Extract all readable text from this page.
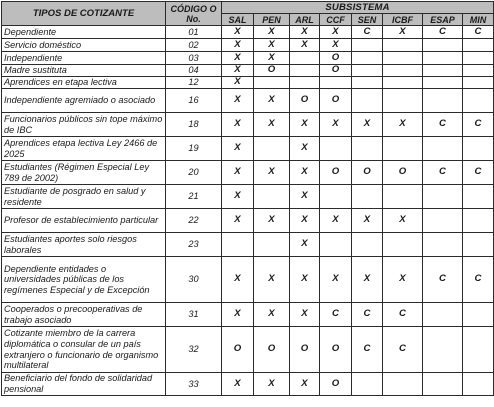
TIPOS DE COTIZANTE	CÓDIGO O
No.	SUBSISTEMA							
		SAL	PEN	ARL	CCF	SEN	ICBF	ESAP	MIN
Dependiente	01	X	X	X	X	C	X	C	C
Servicio doméstico	02	X	X	X	X				
Independiente	03	X	X		O				
Madre sustituta	04	X	O		O				
Aprendices en etapa lectiva	12	X							
Independiente agremiado o asociado	16	X	X	O	O				
Funcionarios públicos sin tope máximo de IBC	18	X	X	X	X	X	X	C	C
Aprendices etapa lectiva Ley 2466 de 2025	19	X		X					
Estudiantes (Régimen Especial Ley 789 de 2002)	20	X	X	X	O	O	O	C	C
Estudiante de posgrado en salud y residente	21	X		X					
Profesor de establecimiento particular	22	X	X	X	X	X	X		
Estudiantes aportes solo riesgos laborales	23			X					
Dependiente entidades o universidades públicas de los regímenes Especial y de Excepción	30	X	X	X	X	X	X	C	C
Cooperados o precooperativas de trabajo asociado	31	X	X	X	C	C	C		
Cotizante miembro de la carrera diplomática o consular de un país extranjero o funcionario de organismo multilateral	32	O	O	O	O	C	C		
Beneficiario del fondo de solidaridad pensional	33	X	X	X	O				
